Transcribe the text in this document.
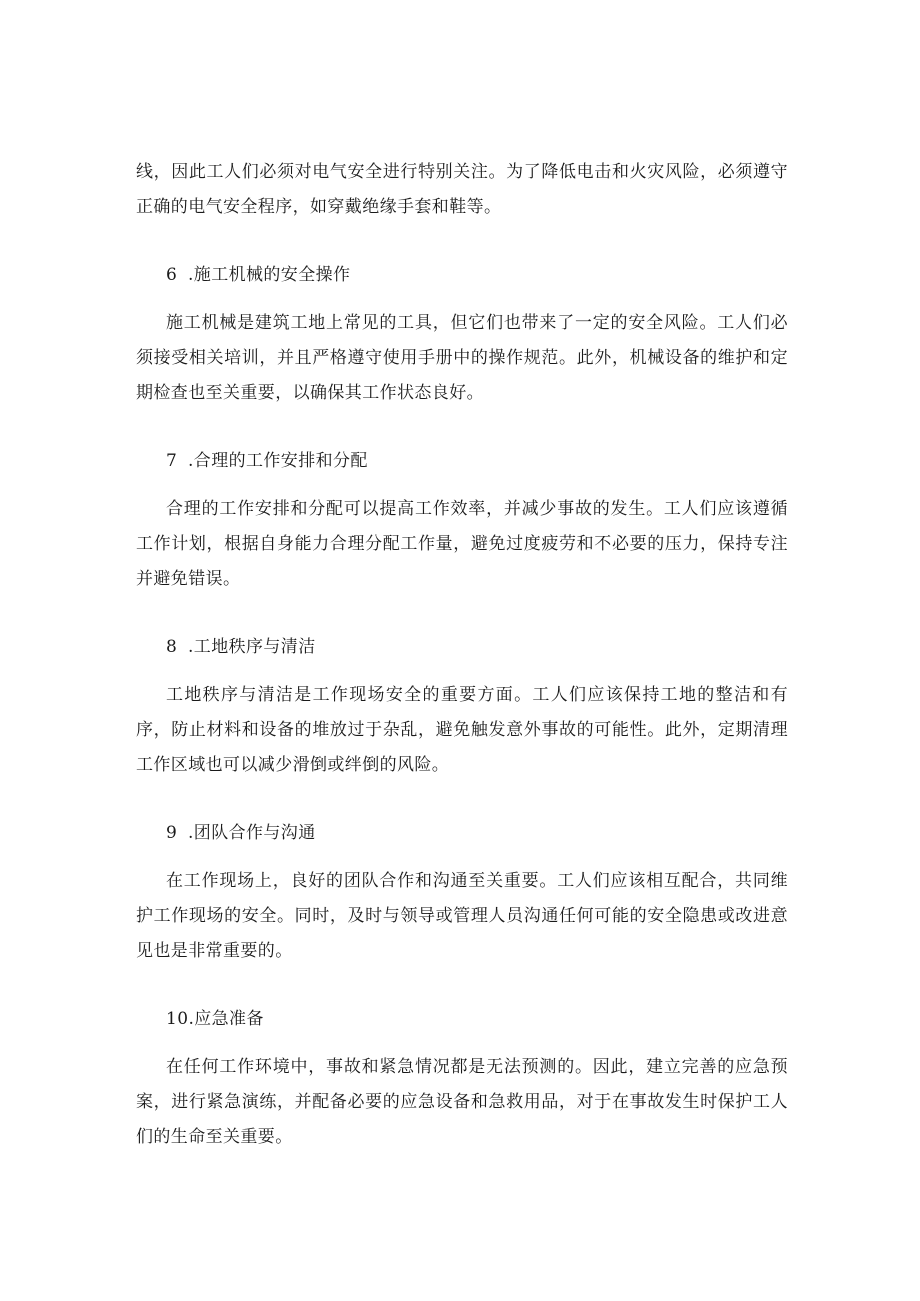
线，因此工人们必须对电气安全进行特别关注。为了降低电击和火灾风险，必须遵守正确的电气安全程序，如穿戴绝缘手套和鞋等。

6 .施工机械的安全操作

施工机械是建筑工地上常见的工具，但它们也带来了一定的安全风险。工人们必须接受相关培训，并且严格遵守使用手册中的操作规范。此外，机械设备的维护和定期检查也至关重要，以确保其工作状态良好。

7 .合理的工作安排和分配

合理的工作安排和分配可以提高工作效率，并减少事故的发生。工人们应该遵循工作计划，根据自身能力合理分配工作量，避免过度疲劳和不必要的压力，保持专注并避免错误。

8 .工地秩序与清洁

工地秩序与清洁是工作现场安全的重要方面。工人们应该保持工地的整洁和有序，防止材料和设备的堆放过于杂乱，避免触发意外事故的可能性。此外，定期清理工作区域也可以减少滑倒或绊倒的风险。

9 .团队合作与沟通

在工作现场上，良好的团队合作和沟通至关重要。工人们应该相互配合，共同维护工作现场的安全。同时，及时与领导或管理人员沟通任何可能的安全隐患或改进意见也是非常重要的。

10.应急准备

在任何工作环境中，事故和紧急情况都是无法预测的。因此，建立完善的应急预案，进行紧急演练，并配备必要的应急设备和急救用品，对于在事故发生时保护工人们的生命至关重要。
